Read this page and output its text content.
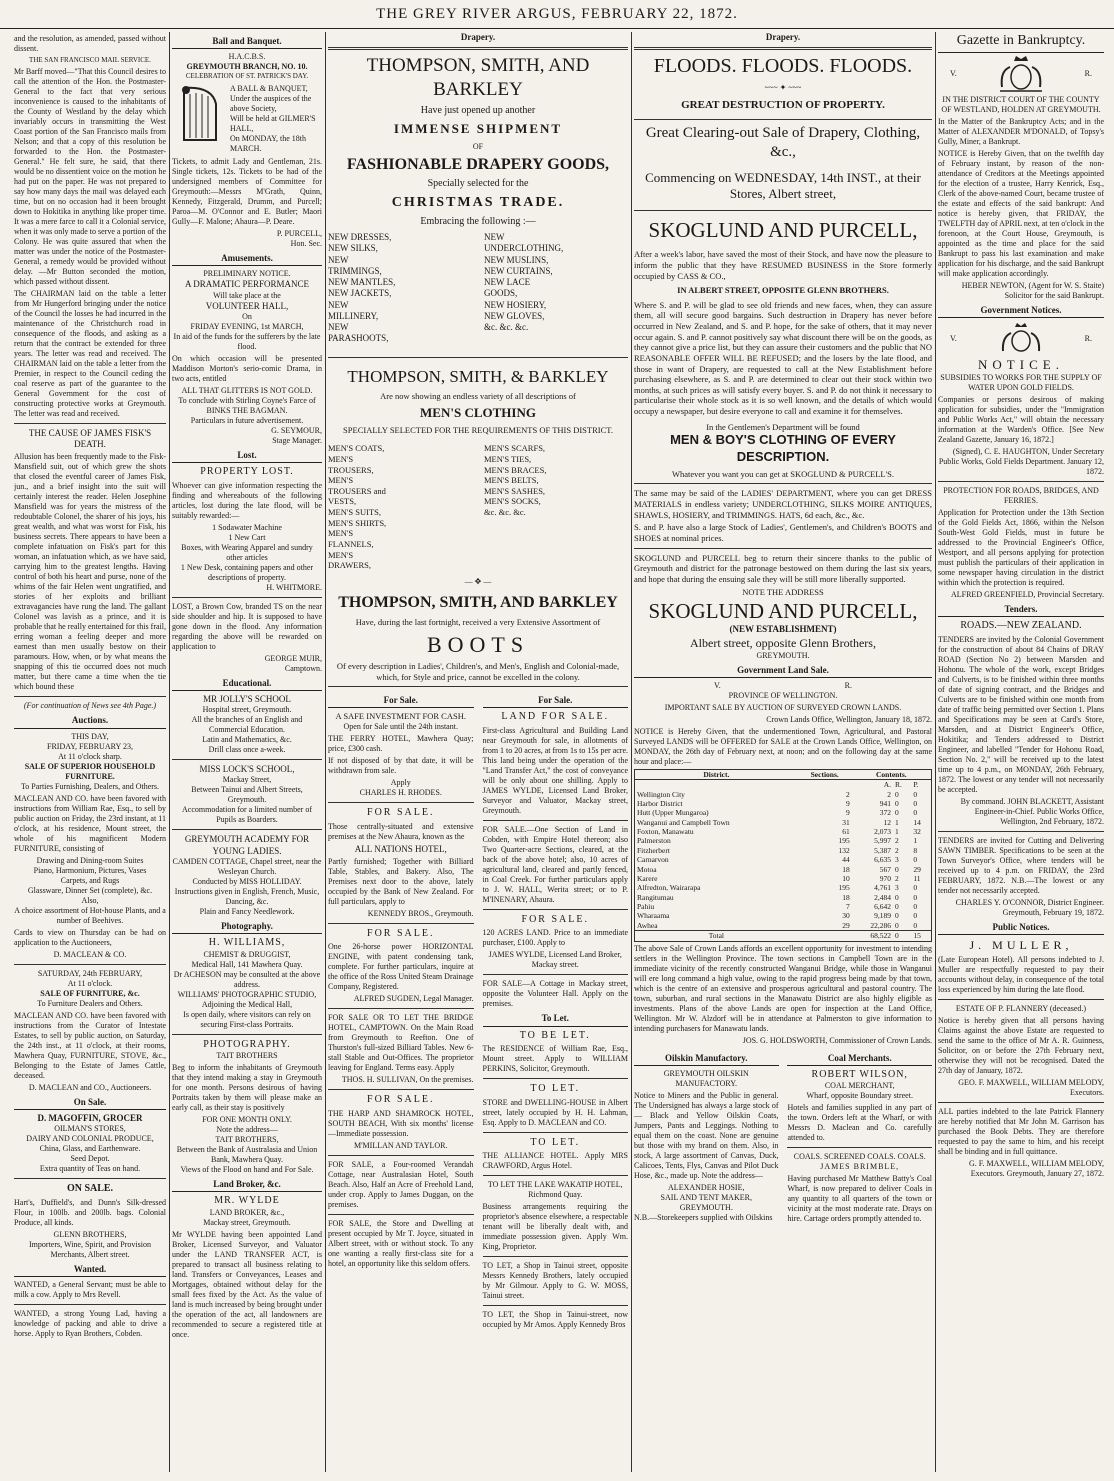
THE GREY RIVER ARGUS, FEBRUARY 22, 1872.

and the resolution, as amended, passed without dissent.

THE SAN FRANCISCO MAIL SERVICE.

Mr Barff moved—"That this Council desires to call the attention of the Hon. the Postmaster-General to the fact that very serious inconvenience is caused to the inhabitants of the County of Westland by the delay which invariably occurs in transmitting the West Coast portion of the San Francisco mails from Nelson; and that a copy of this resolution be forwarded to the Hon. the Postmaster-General." He felt sure, he said, that there would be no dissentient voice on the motion he had put on the paper. He was not prepared to say how many days the mail was delayed each time, but on no occasion had it been brought down to Hokitika in anything like proper time. It was a mere farce to call it a Colonial service, when it was only made to serve a portion of the Colony. He was quite assured that when the matter was under the notice of the Postmaster-General, a remedy would be provided without delay. —Mr Button seconded the motion, which passed without dissent.

The CHAIRMAN laid on the table a letter from Mr Hungerford bringing under the notice of the Council the losses he had incurred in the maintenance of the Christchurch road in consequence of the floods, and asking as a return that the contract be extended for three years. The letter was read and received. The CHAIRMAN laid on the table a letter from the Premier, in respect to the Council ceding the coal reserve as part of the guarantee to the General Government for the cost of constructing protective works at Greymouth. The letter was read and received.

THE CAUSE OF JAMES FISK'S DEATH.

Allusion has been frequently made to the Fisk-Mansfield suit, out of which grew the shots that closed the eventful career of James Fisk, jun., and a brief insight into the suit will certainly interest the reader. Helen Josephine Mansfield was for years the mistress of the redoubtable Colonel, the sharer of his joys, his great wealth, and what was worst for Fisk, his business secrets. There appears to have been a complete infatuation on Fisk's part for this woman, an infatuation which, as we have said, carrying him to the greatest lengths. Having control of both his heart and purse, none of the whims of the fair Helen went ungratified, and stories of her exploits and brilliant extravagancies have rung the land. The gallant Colonel was lavish as a prince, and it is probable that he really entertained for this frail, erring woman a feeling deeper and more earnest than men usually bestow on their paramours. How, when, or by what means the snapping of this tie occurred does not much matter, but there came a time when the tie which bound these

(For continuation of News see 4th Page.)
Auctions.
THIS DAY,
FRIDAY, FEBRUARY 23,
At 11 o'clock sharp.
SALE OF SUPERIOR HOUSEHOLD FURNITURE.
To Parties Furnishing, Dealers, and Others.

MACLEAN AND CO. have been favored with instructions from William Rae, Esq., to sell by public auction on Friday, the 23rd instant, at 11 o'clock, at his residence, Mount street, the whole of his magnificent Modern FURNITURE, consisting of

Drawing and Dining-room Suites
Piano, Harmonium, Pictures, Vases
Carpets, and Rugs
Glassware, Dinner Set (complete), &c.
Also,
A choice assortment of Hot-house Plants, and a number of Beehives.

Cards to view on Thursday can be had on application to the Auctioneers,

D. MACLEAN & CO.
SATURDAY, 24th FEBRUARY,
At 11 o'clock.
SALE OF FURNITURE, &c.
To Furniture Dealers and Others.

MACLEAN AND CO. have been favored with instructions from the Curator of Intestate Estates, to sell by public auction, on Saturday, the 24th inst., at 11 o'clock, at their rooms, Mawhera Quay, FURNITURE, STOVE, &c., Belonging to the Estate of James Cattle, deceased.

D. MACLEAN and CO., Auctioneers.
On Sale.
D. MAGOFFIN, GROCER
OILMAN'S STORES,
DAIRY AND COLONIAL PRODUCE,
China, Glass, and Earthenware.
Seed Depot.
Extra quantity of Teas on hand.
ON SALE.

Hart's, Duffield's, and Dunn's Silk-dressed Flour, in 100lb. and 200lb. bags. Colonial Produce, all kinds.

GLENN BROTHERS,
Importers, Wine, Spirit, and Provision Merchants, Albert street.
Wanted.

WANTED, a General Servant; must be able to milk a cow. Apply to Mrs Revell.

WANTED, a strong Young Lad, having a knowledge of packing and able to drive a horse. Apply to Ryan Brothers, Cobden.

Ball and Banquet.
H.A.C.B.S.
GREYMOUTH BRANCH, NO. 10.
CELEBRATION OF ST. PATRICK'S DAY.
A BALL & BANQUET,
Under the auspices of the above Society,
Will be held at GILMER'S HALL,
On MONDAY, the 18th MARCH.

Tickets, to admit Lady and Gentleman, 21s. Single tickets, 12s. Tickets to be had of the undersigned members of Committee for Greymouth:—Messrs M'Grath, Quinn, Kennedy, Fitzgerald, Drumm, and Purcell; Paroa—M. O'Connor and E. Butler; Maori Gully—F. Malone; Ahaura—P. Deare.

P. PURCELL,
Hon. Sec.
Amusements.
PRELIMINARY NOTICE.
A DRAMATIC PERFORMANCE
Will take place at the
VOLUNTEER HALL,
On
FRIDAY EVENING, 1st MARCH,
In aid of the funds for the sufferers by the late flood.

On which occasion will be presented Maddison Morton's serio-comic Drama, in two acts, entitled

ALL THAT GLITTERS IS NOT GOLD.
To conclude with Stirling Coyne's Farce of
BINKS THE BAGMAN.
Particulars in future advertisement.
G. SEYMOUR,
Stage Manager.
Lost.
PROPERTY LOST.

Whoever can give information respecting the finding and whereabouts of the following articles, lost during the late flood, will be suitably rewarded:—

1 Sodawater Machine
1 New Cart
Boxes, with Wearing Apparel and sundry other articles
1 New Desk, containing papers and other descriptions of property.
H. WHITMORE.

LOST, a Brown Cow, branded TS on the near side shoulder and hip. It is supposed to have gone down in the flood. Any information regarding the above will be rewarded on application to

GEORGE MUIR,
Camptown.
Educational.
MR JOLLY'S SCHOOL
Hospital street, Greymouth.
All the branches of an English and Commercial Education.
Latin and Mathematics, &c.
Drill class once a-week.
MISS LOCK'S SCHOOL,
Mackay Street,
Between Tainui and Albert Streets, Greymouth.
Accommodation for a limited number of Pupils as Boarders.
GREYMOUTH ACADEMY FOR YOUNG LADIES.
CAMDEN COTTAGE, Chapel street, near the Wesleyan Church.
Conducted by MISS HOLLIDAY.
Instructions given in English, French, Music, Dancing, &c.
Plain and Fancy Needlework.
Photography.
H. WILLIAMS,
CHEMIST & DRUGGIST,
Medical Hall, 141 Mawhera Quay.
Dr ACHESON may be consulted at the above address.
WILLIAMS' PHOTOGRAPHIC STUDIO,
Adjoining the Medical Hall,
Is open daily, where visitors can rely on securing First-class Portraits.
PHOTOGRAPHY.
TAIT BROTHERS

Beg to inform the inhabitants of Greymouth that they intend making a stay in Greymouth for one month. Persons desirous of having Portraits taken by them will please make an early call, as their stay is positively

FOR ONE MONTH ONLY.
Note the address—
TAIT BROTHERS,
Between the Bank of Australasia and Union Bank, Mawhera Quay.
Views of the Flood on hand and For Sale.
Land Broker, &c.
MR. WYLDE
LAND BROKER, &c.,
Mackay street, Greymouth.

Mr WYLDE having been appointed Land Broker, Licensed Surveyor, and Valuator under the LAND TRANSFER ACT, is prepared to transact all business relating to land. Transfers or Conveyances, Leases and Mortgages, obtained without delay for the small fees fixed by the Act. As the value of land is much increased by being brought under the operation of the act, all landowners are recommended to secure a registered title at once.

Drapery.
THOMPSON, SMITH, AND BARKLEY
Have just opened up another
IMMENSE SHIPMENT
OF
FASHIONABLE DRAPERY GOODS,
Specially selected for the
CHRISTMAS TRADE.
Embracing the following :—
NEW DRESSES,
NEW SILKS,
NEW TRIMMINGS,
NEW MANTLES,
NEW JACKETS,
NEW MILLINERY,
NEW PARASHOOTS,
NEW UNDERCLOTHING,
NEW MUSLINS,
NEW CURTAINS,
NEW LACE GOODS,
NEW HOSIERY,
NEW GLOVES,
&c. &c. &c.
THOMPSON, SMITH, & BARKLEY
Are now showing an endless variety of all descriptions of
MEN'S CLOTHING
SPECIALLY SELECTED FOR THE REQUIREMENTS OF THIS DISTRICT.
MEN'S COATS,
MEN'S TROUSERS,
MEN'S TROUSERS and VESTS,
MEN'S SUITS,
MEN'S SHIRTS,
MEN'S FLANNELS,
MEN'S DRAWERS,
MEN'S SCARFS,
MEN'S TIES,
MEN'S BRACES,
MEN'S BELTS,
MEN'S SASHES,
MEN'S SOCKS,
&c. &c. &c.
— ✥ —
THOMPSON, SMITH, AND BARKLEY
Have, during the last fortnight, received a very Extensive Assortment of
BOOTS

Of every description in Ladies', Children's, and Men's, English and Colonial-made, which, for Style and price, cannot be excelled in the colony.

For Sale.
A SAFE INVESTMENT FOR CASH.
Open for Sale until the 24th instant.

THE FERRY HOTEL, Mawhera Quay; price, £300 cash.

If not disposed of by that date, it will be withdrawn from sale.

Apply
CHARLES H. RHODES.
FOR SALE.

Those centrally-situated and extensive premises at the New Ahaura, known as the

ALL NATIONS HOTEL,

Partly furnished; Together with Billiard Table, Stables, and Bakery. Also, The Premises next door to the above, lately occupied by the Bank of New Zealand. For full particulars, apply to

KENNEDY BROS., Greymouth.
FOR SALE.

One 26-horse power HORIZONTAL ENGINE, with patent condensing tank, complete. For further particulars, inquire at the office of the Ross United Steam Drainage Company, Registered.

ALFRED SUGDEN, Legal Manager.

FOR SALE OR TO LET THE BRIDGE HOTEL, CAMPTOWN. On the Main Road from Greymouth to Reefton. One of Thurston's full-sized Billiard Tables. New 6-stall Stable and Out-Offices. The proprietor leaving for England. Terms easy. Apply

THOS. H. SULLIVAN, On the premises.
FOR SALE.

THE HARP AND SHAMROCK HOTEL, SOUTH BEACH, With six months' license—Immediate possession.

M'MILLAN AND TAYLOR.

FOR SALE, a Four-roomed Verandah Cottage, near Australasian Hotel, South Beach. Also, Half an Acre of Freehold Land, under crop. Apply to James Duggan, on the premises.

FOR SALE, the Store and Dwelling at present occupied by Mr T. Joyce, situated in Albert street, with or without stock. To any one wanting a really first-class site for a hotel, an opportunity like this seldom offers.

For Sale.
LAND FOR SALE.

First-class Agricultural and Building Land near Greymouth for sale, in allotments of from 1 to 20 acres, at from 1s to 15s per acre. This land being under the operation of the "Land Transfer Act," the cost of conveyance will be only about one shilling. Apply to JAMES WYLDE, Licensed Land Broker, Surveyor and Valuator, Mackay street, Greymouth.

FOR SALE.—One Section of Land in Cobden, with Empire Hotel thereon; also Two Quarter-acre Sections, cleared, at the back of the above hotel; also, 10 acres of agricultural land, cleared and partly fenced, in Coal Creek. For further particulars apply to J. W. HALL, Werita street; or to P. M'INENARY, Ahaura.

FOR SALE.

120 ACRES LAND. Price to an immediate purchaser, £100. Apply to

JAMES WYLDE, Licensed Land Broker, Mackay street.

FOR SALE—A Cottage in Mackay street, opposite the Volunteer Hall. Apply on the premises.

To Let.
TO BE LET.

The RESIDENCE of William Rae, Esq., Mount street. Apply to WILLIAM PERKINS, Solicitor, Greymouth.

TO LET.

STORE and DWELLING-HOUSE in Albert street, lately occupied by H. H. Lahman, Esq. Apply to D. MACLEAN and CO.

TO LET.

THE ALLIANCE HOTEL. Apply MRS CRAWFORD, Argus Hotel.

TO LET THE LAKE WAKATIP HOTEL, Richmond Quay.

Business arrangements requiring the proprietor's absence elsewhere, a respectable tenant will be liberally dealt with, and immediate possession given. Apply Wm. King, Proprietor.

TO LET, a Shop in Tainui street, opposite Messrs Kennedy Brothers, lately occupied by Mr Gilmour. Apply to G. W. MOSS, Tainui street.

TO LET, the Shop in Tainui-street, now occupied by Mr Amos. Apply Kennedy Bros

Drapery.
FLOODS. FLOODS. FLOODS.
~~~ ✦ ~~~
GREAT DESTRUCTION OF PROPERTY.
Great Clearing-out Sale of Drapery, Clothing, &c.,
Commencing on WEDNESDAY, 14th INST., at their Stores, Albert street,
SKOGLUND AND PURCELL,

After a week's labor, have saved the most of their Stock, and have now the pleasure to inform the public that they have RESUMED BUSINESS in the Store formerly occupied by CASS & CO.,

IN ALBERT STREET, OPPOSITE GLENN BROTHERS.

Where S. and P. will be glad to see old friends and new faces, when, they can assure them, all will secure good bargains. Such destruction in Drapery has never before occurred in New Zealand, and S. and P. hope, for the sake of others, that it may never occur again. S. and P. cannot positively say what discount there will be on the goods, as they cannot give a price list, but they can assure their customers and the public that NO REASONABLE OFFER WILL BE REFUSED; and the losers by the late flood, and those in want of Drapery, are requested to call at the New Establishment before purchasing elsewhere, as S. and P. are determined to clear out their stock within two months, at such prices as will satisfy every buyer. S. and P. do not think it necessary to particularise their whole stock as it is so well known, and the details of which would occupy a newspaper, but desire everyone to call and examine it for themselves.

In the Gentlemen's Department will be found
MEN & BOY'S CLOTHING OF EVERY DESCRIPTION.
Whatever you want you can get at SKOGLUND & PURCELL'S.

The same may be said of the LADIES' DEPARTMENT, where you can get DRESS MATERIALS in endless variety; UNDERCLOTHING, SILKS MOIRE ANTIQUES, SHAWLS, HOSIERY, and TRIMMINGS. HATS, 6d each, &c., &c.

S. and P. have also a large Stock of Ladies', Gentlemen's, and Children's BOOTS and SHOES at nominal prices.

SKOGLUND and PURCELL beg to return their sincere thanks to the public of Greymouth and district for the patronage bestowed on them during the last six years, and hope that during the ensuing sale they will be still more liberally supported.

NOTE THE ADDRESS
SKOGLUND AND PURCELL,
(NEW ESTABLISHMENT)
Albert street, opposite Glenn Brothers,
GREYMOUTH.
Government Land Sale.
V.	R.
PROVINCE OF WELLINGTON.
IMPORTANT SALE BY AUCTION OF SURVEYED CROWN LANDS.
Crown Lands Office, Wellington, January 18, 1872.

NOTICE is Hereby Given, that the undermentioned Town, Agricultural, and Pastoral Surveyed LANDS will be OFFERED for SALE at the Crown Lands Office, Wellington, on MONDAY, the 26th day of February next, at noon; and on the following day at the same hour and place:—

District.	Sections.	Contents.		
		A.	R.	P.
Wellington City	2	2	0	0
Harbor District	9	941	0	0
Hutt (Upper Mungaroa)	9	372	0	0
Wanganui and Campbell Town	31	12	1	14
Foxton, Manawatu	61	2,073	1	32
Palmerston	195	5,997	2	1
Fitzherbert	132	5,387	2	8
Carnarvon	44	6,635	3	0
Motoa	18	567	0	29
Karere	10	970	2	11
Alfredton, Wairarapa	195	4,761	3	0
Rangitumau	18	2,484	0	0
Pahiu	7	6,642	0	0
Wharaama	30	9,189	0	0
Awhea	29	22,286	0	0
Total		68,522	0	15

The above Sale of Crown Lands affords an excellent opportunity for investment to intending settlers in the Wellington Province. The town sections in Campbell Town are in the immediate vicinity of the recently constructed Wanganui Bridge, while those in Wanganui will ere long command a high value, owing to the rapid progress being made by that town, which is the centre of an extensive and prosperous agricultural and pastoral country. The town, suburban, and rural sections in the Manawatu District are also highly eligible as investments. Plans of the above Lands are open for inspection at the Land Office, Wellington. Mr W. Alzdorf will be in attendance at Palmerston to give information to intending purchasers for Manawatu lands.

JOS. G. HOLDSWORTH, Commissioner of Crown Lands.
Oilskin Manufactory.
GREYMOUTH OILSKIN MANUFACTORY.

Notice to Miners and the Public in general. The Undersigned has always a large stock of— Black and Yellow Oilskin Coats, Jumpers, Pants and Leggings. Nothing to equal them on the coast. None are genuine but those with my brand on them. Also, in stock, A large assortment of Canvas, Duck, Calicoes, Tents, Flys, Canvas and Pilot Duck Hose, &c., made up. Note the address—

ALEXANDER HOSIE,
SAIL AND TENT MAKER,
GREYMOUTH.
N.B.—Storekeepers supplied with Oilskins
Coal Merchants.
ROBERT WILSON,
COAL MERCHANT,
Wharf, opposite Boundary street.

Hotels and families supplied in any part of the town. Orders left at the Wharf, or with Messrs D. Maclean and Co. carefully attended to.

COALS. SCREENED COALS. COALS.
JAMES BRIMBLE,

Having purchased Mr Matthew Batty's Coal Wharf, is now prepared to deliver Coals in any quantity to all quarters of the town or vicinity at the most moderate rate. Drays on hire. Cartage orders promptly attended to.

Gazette in Bankruptcy.
V.	R.
IN THE DISTRICT COURT OF THE COUNTY OF WESTLAND, HOLDEN AT GREYMOUTH.

In the Matter of the Bankruptcy Acts; and in the Matter of ALEXANDER M'DONALD, of Topsy's Gully, Miner, a Bankrupt.

NOTICE is Hereby Given, that on the twelfth day of February instant, by reason of the non-attendance of Creditors at the Meetings appointed for the election of a trustee, Harry Kenrick, Esq., Clerk of the above-named Court, became trustee of the estate and effects of the said bankrupt: And notice is hereby given, that FRIDAY, the TWELFTH day of APRIL next, at ten o'clock in the forenoon, at the Court House, Greymouth, is appointed as the time and place for the said Bankrupt to pass his last examination and make application for his discharge, and the said Bankrupt will make application accordingly.

HEBER NEWTON, (Agent for W. S. Staite) Solicitor for the said Bankrupt.
Government Notices.
V.	R.
NOTICE.
SUBSIDIES TO WORKS FOR THE SUPPLY OF WATER UPON GOLD FIELDS.

Companies or persons desirous of making application for subsidies, under the "Immigration and Public Works Act," will obtain the necessary information at the Warden's Office. [See New Zealand Gazette, January 16, 1872.]

(Signed), C. E. HAUGHTON, Under Secretary Public Works, Gold Fields Department. January 12, 1872.
PROTECTION FOR ROADS, BRIDGES, AND FERRIES.

Application for Protection under the 13th Section of the Gold Fields Act, 1866, within the Nelson South-West Gold Fields, must in future be addressed to the Provincial Engineer's Office, Westport, and all persons applying for protection must publish the particulars of their application in some newspaper having circulation in the district within which the protection is required.

ALFRED GREENFIELD, Provincial Secretary.
Tenders.
ROADS.—NEW ZEALAND.

TENDERS are invited by the Colonial Government for the construction of about 84 Chains of DRAY ROAD (Section No 2) between Marsden and Hohonu. The whole of the work, except Bridges and Culverts, is to be finished within three months of date of signing contract, and the Bridges and Culverts are to be finished within one month from date of traffic being permitted over Section 1. Plans and Specifications may be seen at Card's Store, Marsden, and at District Engineer's Office, Hokitika; and Tenders addressed to District Engineer, and labelled "Tender for Hohonu Road, Section No. 2," will be received up to the latest time up to 4 p.m., on MONDAY, 26th February, 1872. The lowest or any tender will not necessarily be accepted.

By command. JOHN BLACKETT, Assistant Engineer-in-Chief. Public Works Office, Wellington, 2nd February, 1872.

TENDERS are invited for Cutting and Delivering SAWN TIMBER. Specifications to be seen at the Town Surveyor's Office, where tenders will be received up to 4 p.m. on FRIDAY, the 23rd FEBRUARY, 1872. N.B.—The lowest or any tender not necessarily accepted.

CHARLES Y. O'CONNOR, District Engineer. Greymouth, February 19, 1872.
Public Notices.
J. MULLER,

(Late European Hotel). All persons indebted to J. Muller are respectfully requested to pay their accounts without delay, in consequence of the total loss experienced by him during the late flood.

ESTATE OF P. FLANNERY (deceased.)

Notice is hereby given that all persons having Claims against the above Estate are requested to send the same to the office of Mr A. R. Guinness, Solicitor, on or before the 27th February next, otherwise they will not be recognised. Dated the 27th day of January, 1872.

GEO. F. MAXWELL, WILLIAM MELODY, Executors.

ALL parties indebted to the late Patrick Flannery are hereby notified that Mr John M. Garrison has purchased the Book Debts. They are therefore requested to pay the same to him, and his receipt shall be binding and in full quittance.

G. F. MAXWELL, WILLIAM MELODY, Executors. Greymouth, January 27, 1872.
